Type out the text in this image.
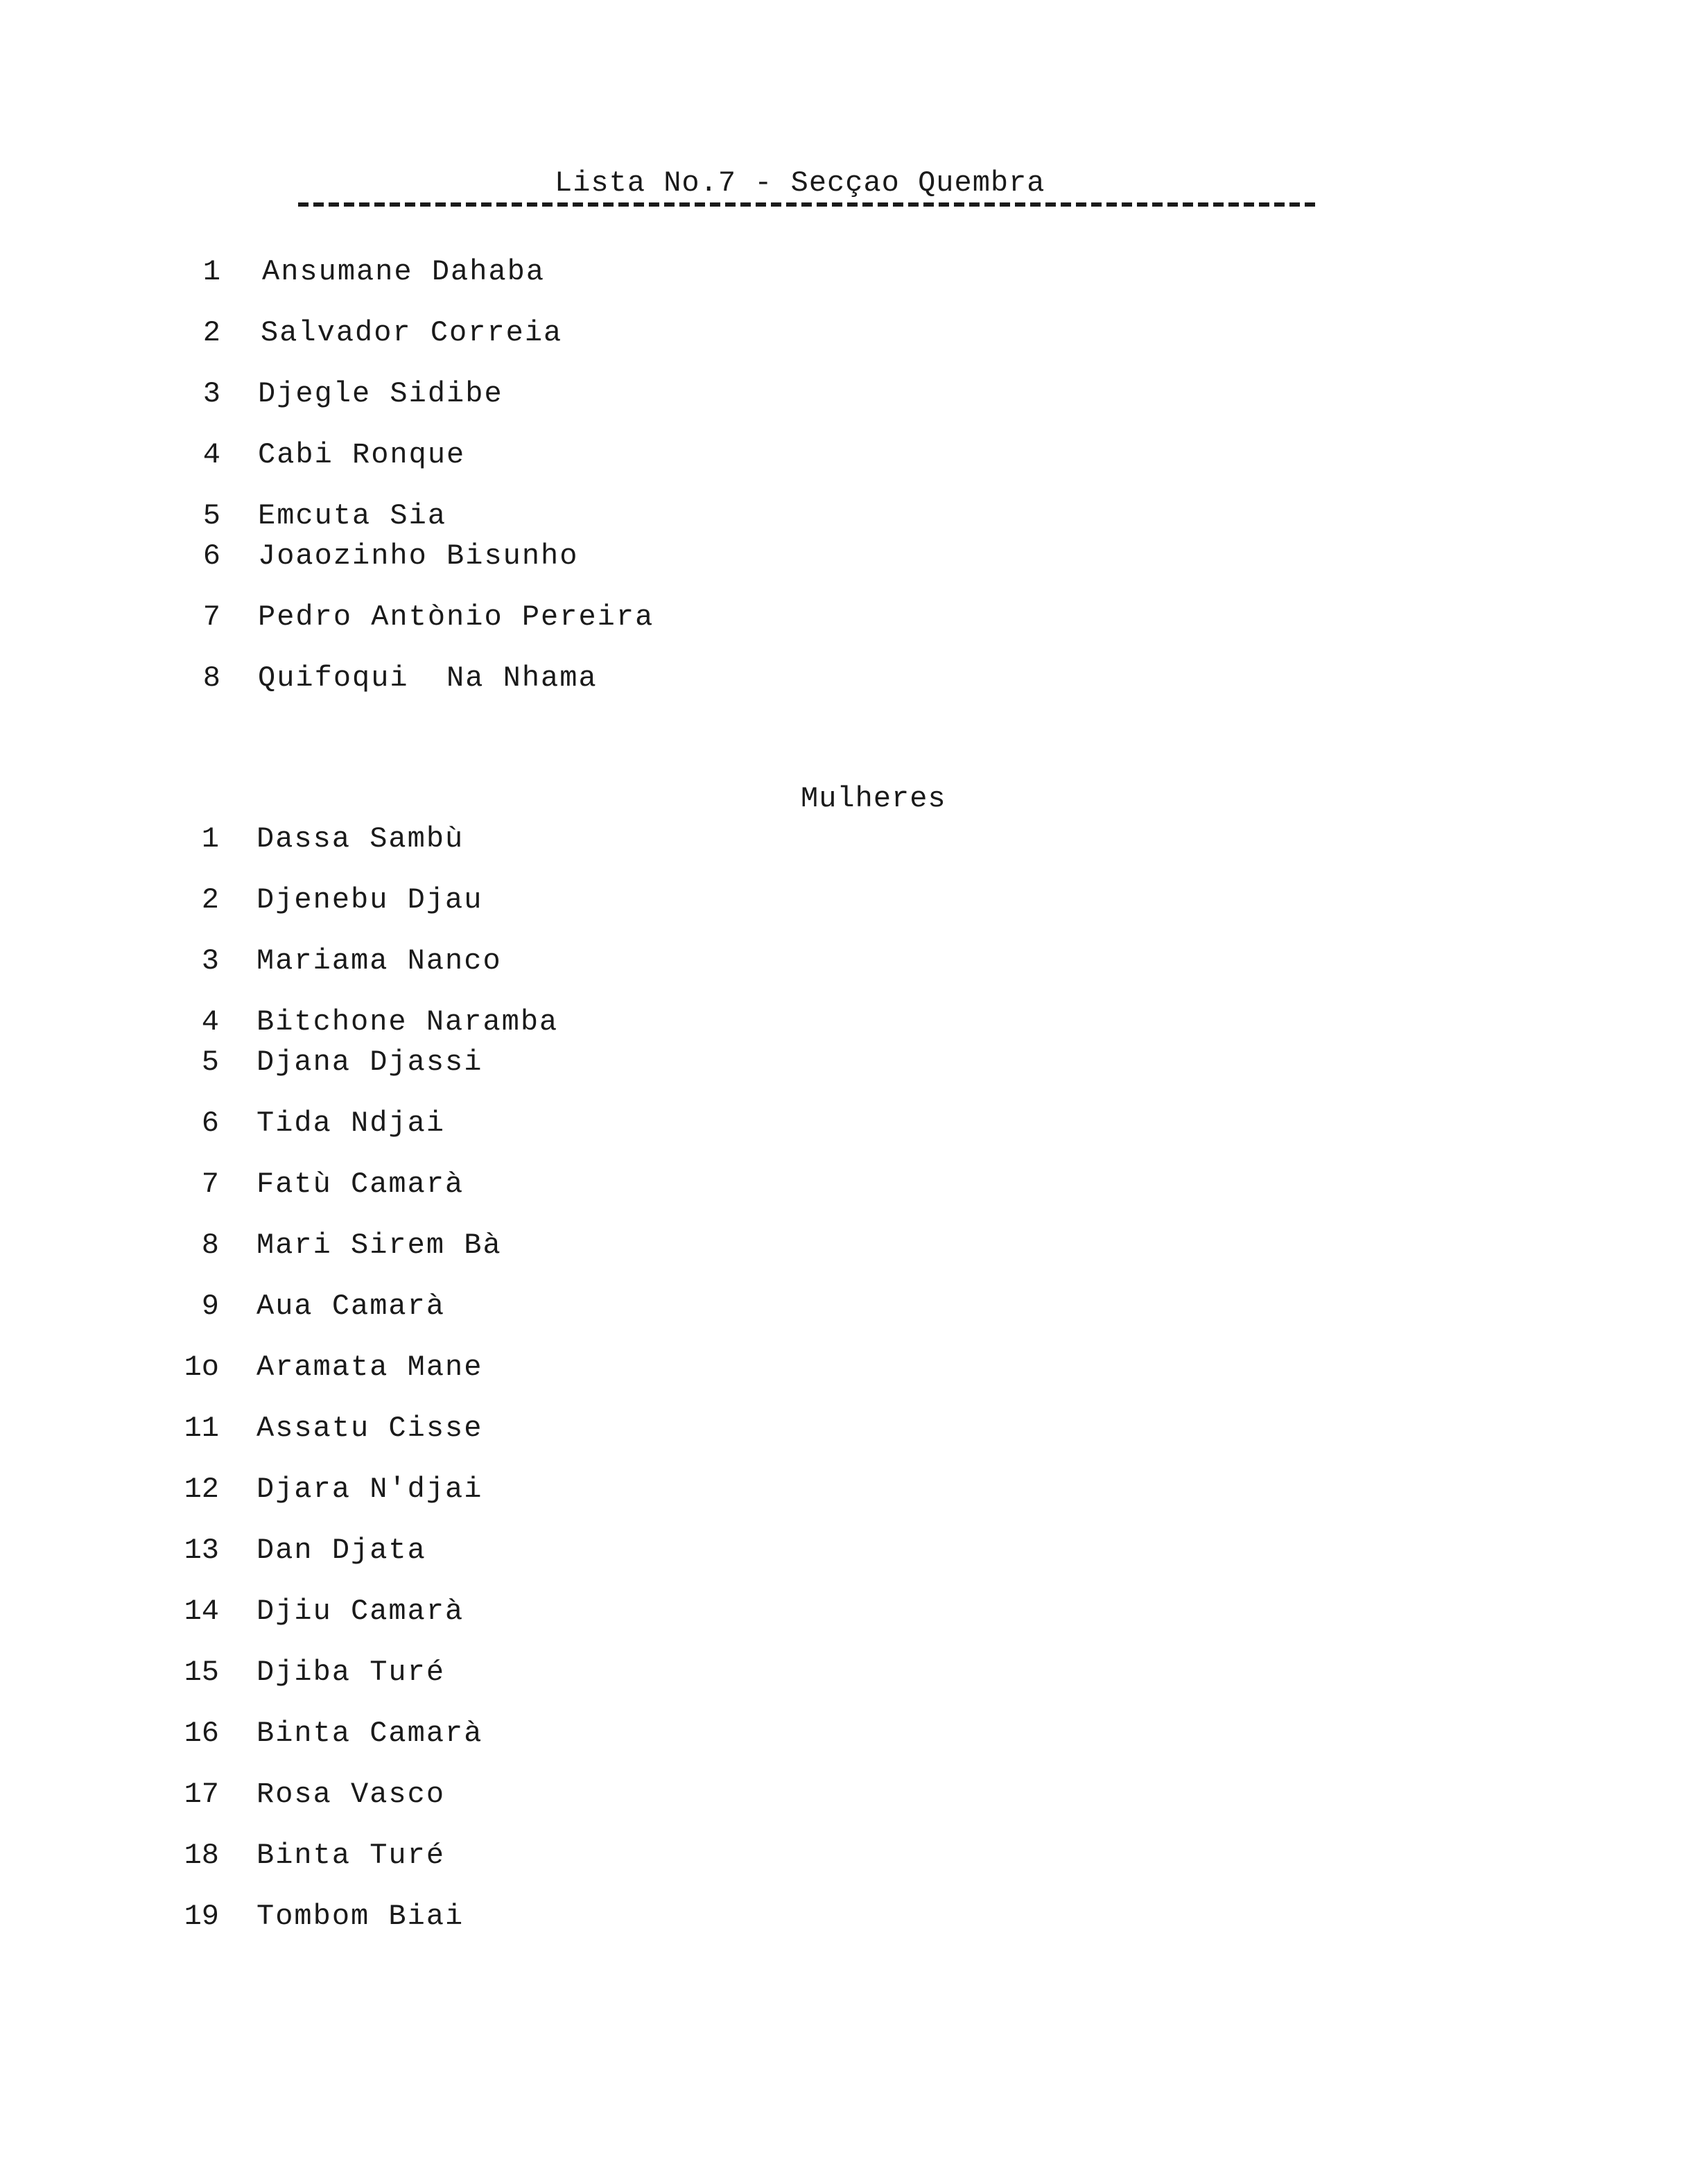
Lista No.7 - Secçao Quembra

1

Ansumane Dahaba

2

Salvador Correia

3

Djegle Sidibe

4

Cabi Ronque

5

Emcuta Sia

6

Joaozinho Bisunho

7

Pedro Antònio Pereira

8

Quifoqui  Na Nhama

Mulheres

1

Dassa Sambù

2

Djenebu Djau

3

Mariama Nanco

4

Bitchone Naramba

5

Djana Djassi

6

Tida Ndjai

7

Fatù Camarà

8

Mari Sirem Bà

9

Aua Camarà

1o

Aramata Mane

11

Assatu Cisse

12

Djara N'djai

13

Dan Djata

14

Djiu Camarà

15

Djiba Turé

16

Binta Camarà

17

Rosa Vasco

18

Binta Turé

19

Tombom Biai
